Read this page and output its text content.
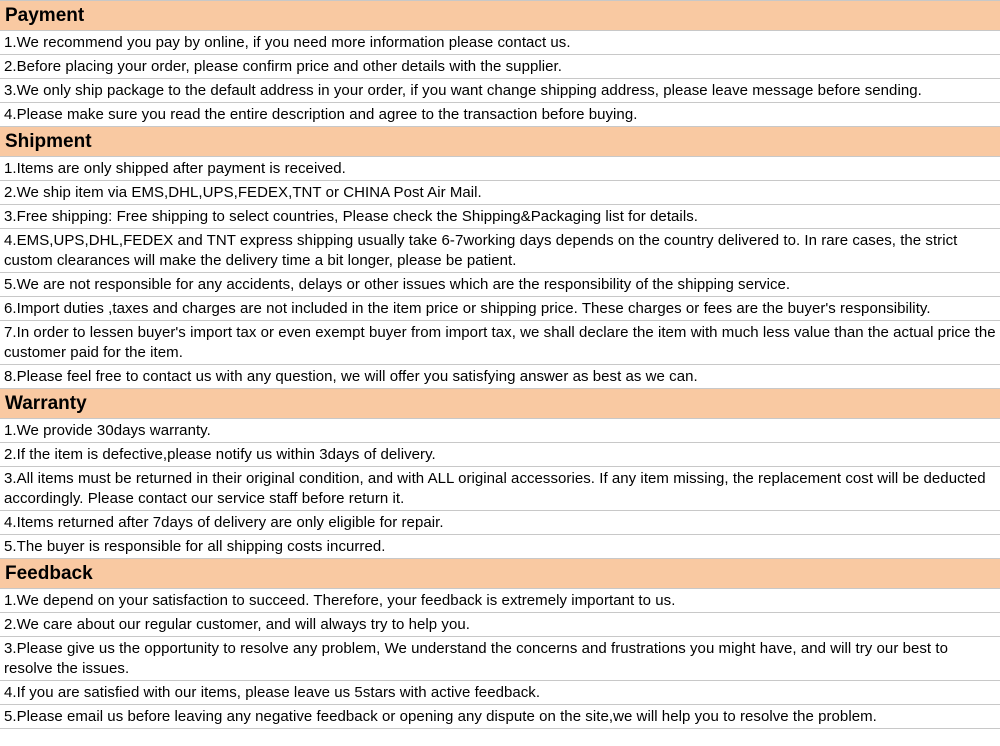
Payment
1.We recommend you pay by online, if you need more information please contact us.
2.Before placing your order, please confirm price and other details with the supplier.
3.We only ship package to the default address in your order, if you want change shipping address, please leave message before sending.
4.Please make sure you read the entire description and agree to the transaction before buying.
Shipment
1.Items are only shipped after payment is received.
2.We ship item via EMS,DHL,UPS,FEDEX,TNT or CHINA Post Air Mail.
3.Free shipping: Free shipping to select countries, Please check the Shipping&Packaging list for details.
4.EMS,UPS,DHL,FEDEX and TNT express shipping usually take 6-7working days depends on the country delivered to. In rare cases, the strict custom clearances will make the delivery time a bit longer, please be patient.
5.We are not responsible for any accidents, delays or other issues which are the responsibility of the shipping service.
6.Import duties ,taxes and charges are not included in the item price or shipping price. These charges or fees are the buyer's responsibility.
7.In order to lessen buyer's import tax or even exempt buyer from import tax, we shall declare the item with much less value than the actual price the customer paid for the item.
8.Please feel free to contact us with any question, we will offer you satisfying answer as best as we can.
Warranty
1.We provide 30days warranty.
2.If the item is defective,please notify us within 3days of delivery.
3.All items must be returned in their original condition, and with ALL original accessories. If any item missing, the replacement cost will be deducted accordingly. Please contact our service staff before return it.
4.Items returned after 7days of delivery are only eligible for repair.
5.The buyer is responsible for all shipping costs incurred.
Feedback
1.We depend on your satisfaction to succeed. Therefore, your feedback is extremely important to us.
2.We care about our regular customer, and will always try to help you.
3.Please give us the opportunity to resolve any problem, We understand the concerns and frustrations you might have, and will try our best to resolve the issues.
4.If you are satisfied with our items, please leave us 5stars with active feedback.
5.Please email us before leaving any negative feedback or opening any dispute on the site,we will help you to resolve the problem.
